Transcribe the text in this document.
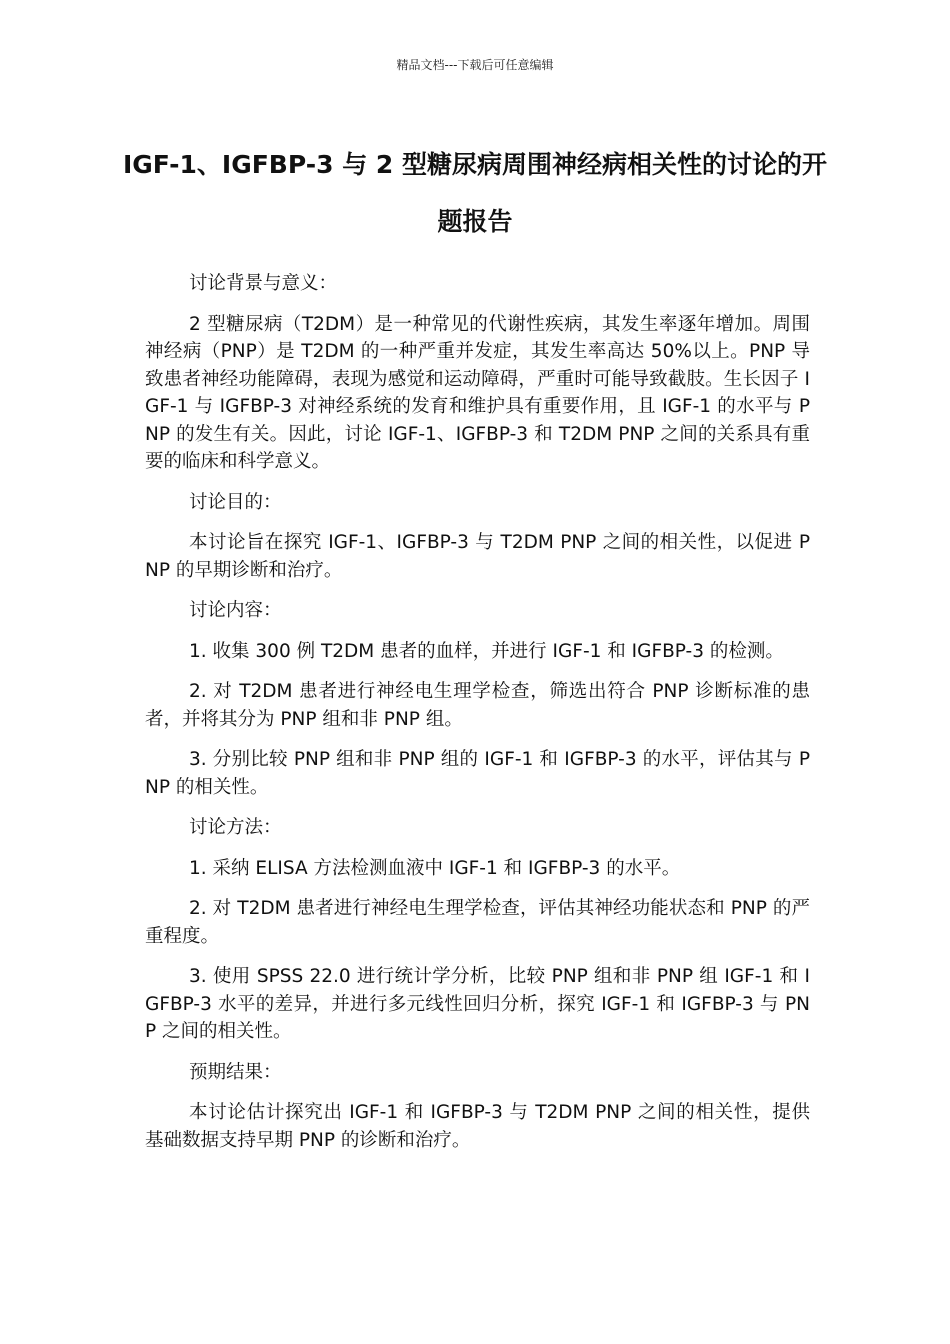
精品文档---下载后可任意编辑
IGF-1、IGFBP-3 与 2 型糖尿病周围神经病相关性的讨论的开题报告

讨论背景与意义：

2 型糖尿病（T2DM）是一种常见的代谢性疾病，其发生率逐年增加。周围神经病（PNP）是 T2DM 的一种严重并发症，其发生率高达 50%以上。PNP 导致患者神经功能障碍，表现为感觉和运动障碍，严重时可能导致截肢。生长因子 IGF-1 与 IGFBP-3 对神经系统的发育和维护具有重要作用，且 IGF-1 的水平与 PNP 的发生有关。因此，讨论 IGF-1、IGFBP-3 和 T2DM PNP 之间的关系具有重要的临床和科学意义。

讨论目的：

本讨论旨在探究 IGF-1、IGFBP-3 与 T2DM PNP 之间的相关性，以促进 PNP 的早期诊断和治疗。

讨论内容：

1. 收集 300 例 T2DM 患者的血样，并进行 IGF-1 和 IGFBP-3 的检测。

2. 对 T2DM 患者进行神经电生理学检查，筛选出符合 PNP 诊断标准的患者，并将其分为 PNP 组和非 PNP 组。

3. 分别比较 PNP 组和非 PNP 组的 IGF-1 和 IGFBP-3 的水平，评估其与 PNP 的相关性。

讨论方法：

1. 采纳 ELISA 方法检测血液中 IGF-1 和 IGFBP-3 的水平。

2. 对 T2DM 患者进行神经电生理学检查，评估其神经功能状态和 PNP 的严重程度。

3. 使用 SPSS 22.0 进行统计学分析，比较 PNP 组和非 PNP 组 IGF-1 和 IGFBP-3 水平的差异，并进行多元线性回归分析，探究 IGF-1 和 IGFBP-3 与 PNP 之间的相关性。

预期结果：

本讨论估计探究出 IGF-1 和 IGFBP-3 与 T2DM PNP 之间的相关性，提供基础数据支持早期 PNP 的诊断和治疗。
